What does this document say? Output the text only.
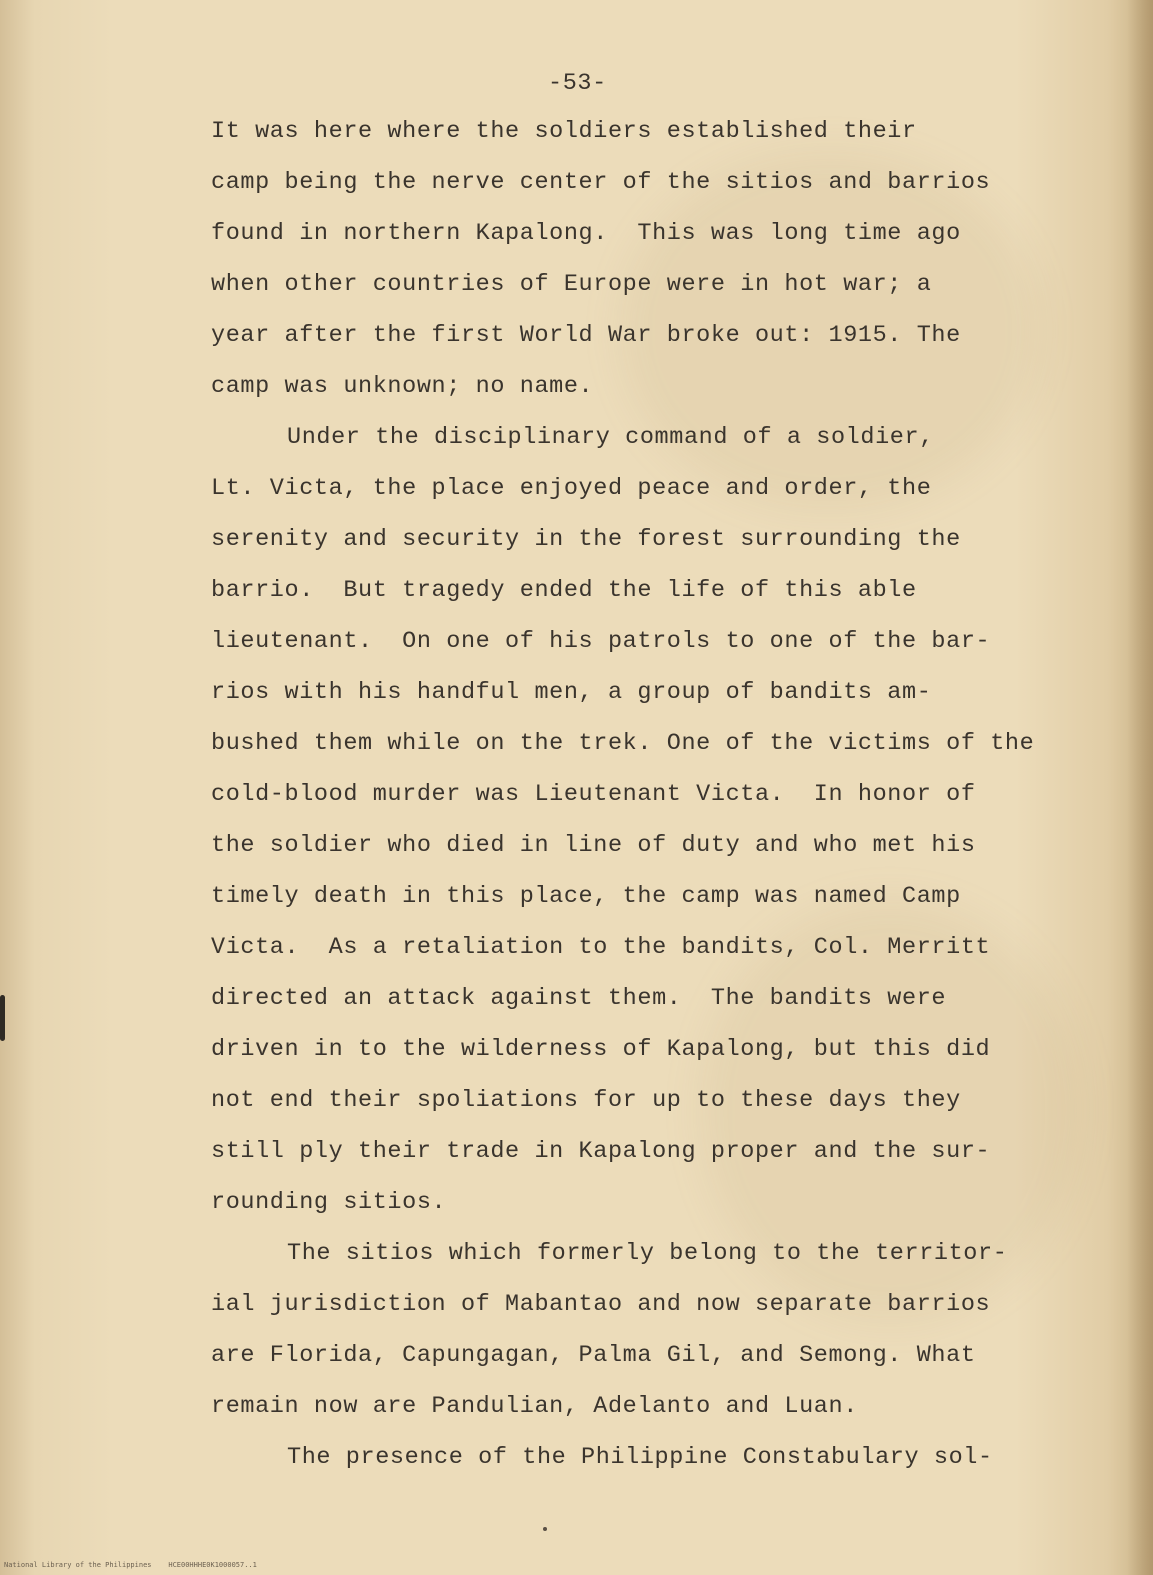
-53-
It was here where the soldiers established their
camp being the nerve center of the sitios and barrios
found in northern Kapalong.  This was long time ago
when other countries of Europe were in hot war; a
year after the first World War broke out: 1915. The
camp was unknown; no name.
Under the disciplinary command of a soldier,
Lt. Victa, the place enjoyed peace and order, the
serenity and security in the forest surrounding the
barrio.  But tragedy ended the life of this able
lieutenant.  On one of his patrols to one of the bar-
rios with his handful men, a group of bandits am-
bushed them while on the trek. One of the victims of the
cold-blood murder was Lieutenant Victa.  In honor of
the soldier who died in line of duty and who met his
timely death in this place, the camp was named Camp
Victa.  As a retaliation to the bandits, Col. Merritt
directed an attack against them.  The bandits were
driven in to the wilderness of Kapalong, but this did
not end their spoliations for up to these days they
still ply their trade in Kapalong proper and the sur-
rounding sitios.
The sitios which formerly belong to the territor-
ial jurisdiction of Mabantao and now separate barrios
are Florida, Capungagan, Palma Gil, and Semong. What
remain now are Pandulian, Adelanto and Luan.
The presence of the Philippine Constabulary sol-
National Library of the Philippines    HCE00HHHE0K1000057..1
